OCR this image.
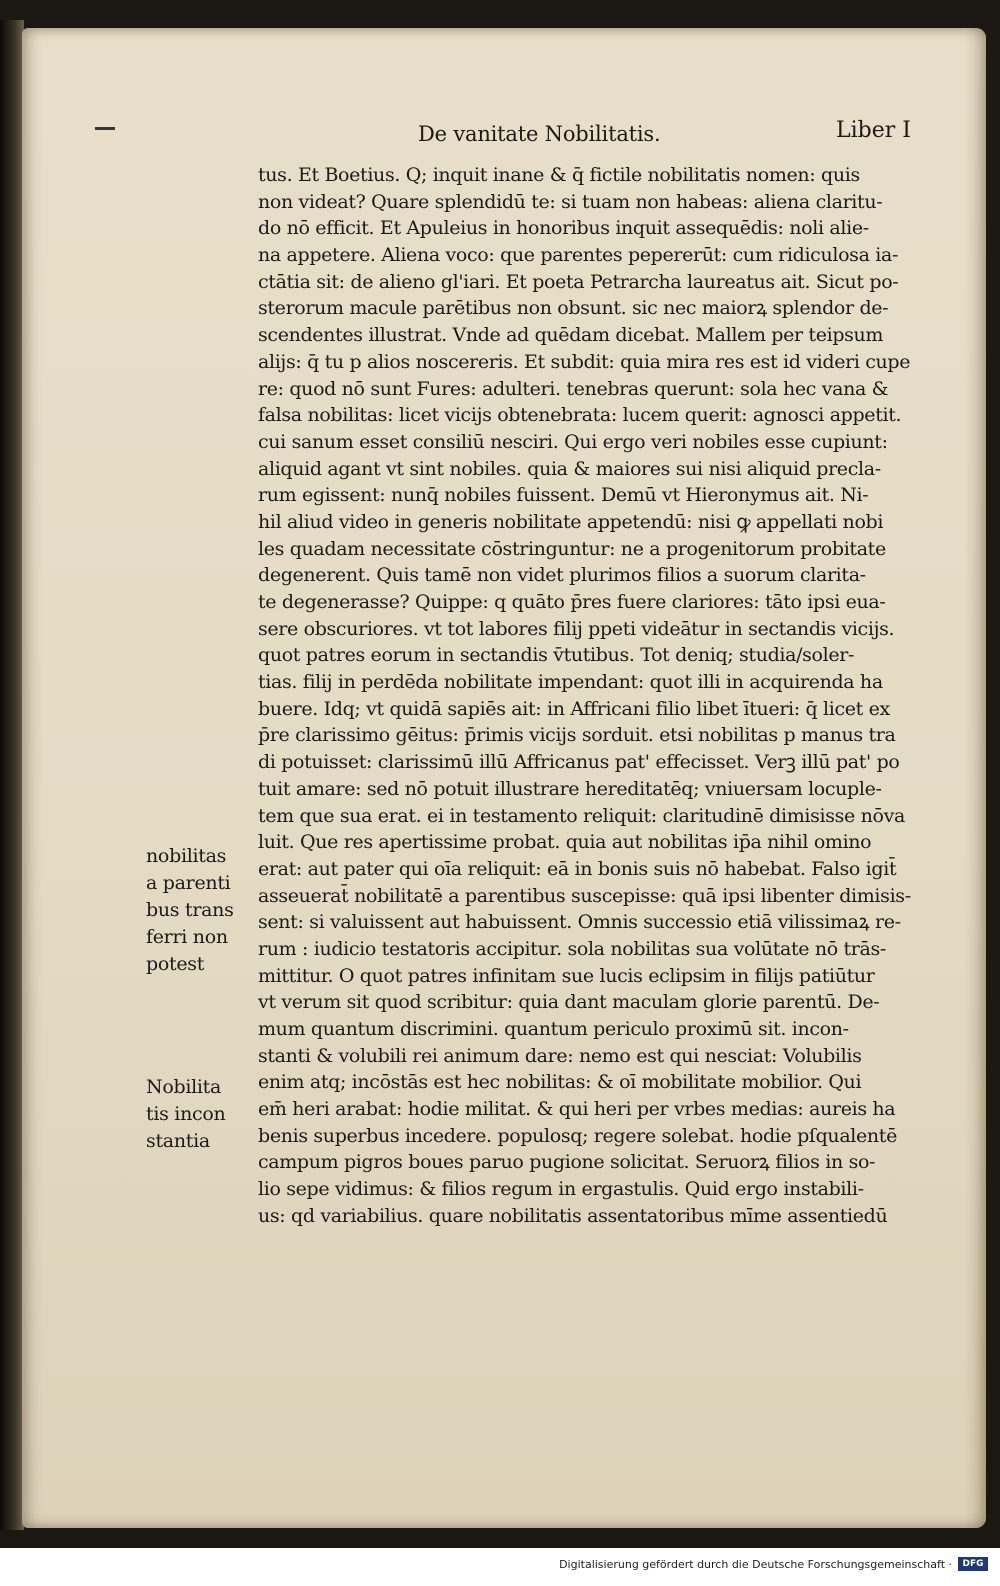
De vanitate Nobilitatis.	Liber I
tus. Et Boetius. Q; inquit inane & q̄ fictile nobilitatis nomen: quis
non videat? Quare splendidū te: si tuam non habeas: aliena claritu-
do nō efficit. Et Apuleius in honoribus inquit assequēdis: noli alie-
na appetere. Aliena voco: que parentes pepererūt: cum ridiculosa ia-
ctātia sit: de alieno gl'iari. Et poeta Petrarcha laureatus ait. Sicut po-
sterorum macule parētibus non obsunt. sic nec maiorꝝ splendor de-
scendentes illustrat. Vnde ad quēdam dicebat. Mallem per teipsum
alijs: q̄ tu p alios noscereris. Et subdit: quia mira res est id videri cupe
re: quod nō sunt Fures: adulteri. tenebras querunt: sola hec vana &
falsa nobilitas: licet vicijs obtenebrata: lucem querit: agnosci appetit.
cui sanum esset consiliū nesciri. Qui ergo veri nobiles esse cupiunt:
aliquid agant vt sint nobiles. quia & maiores sui nisi aliquid precla-
rum egissent: nunq̄ nobiles fuissent. Demū vt Hieronymus ait. Ni-
hil aliud video in generis nobilitate appetendū: nisi ꝙ appellati nobi
les quadam necessitate cōstringuntur: ne a progenitorum probitate
degenerent. Quis tamē non videt plurimos filios a suorum clarita-
te degenerasse? Quippe: q quāto p̄res fuere clariores: tāto ipsi eua-
sere obscuriores. vt tot labores filij ppeti videātur in sectandis vicijs.
quot patres eorum in sectandis v̄tutibus. Tot deniq; studia/soler-
tias. filij in perdēda nobilitate impendant: quot illi in acquirenda ha
buere. Idq; vt quidā sapiēs ait: in Affricani filio libet ītueri: q̄ licet ex
p̄re clarissimo gēitus: p̄rimis vicijs sorduit. etsi nobilitas p manus tra
di potuisset: clarissimū illū Affricanus pat' effecisset. Verꝫ illū pat' po
tuit amare: sed nō potuit illustrare hereditatēq; vniuersam locuple-
tem que sua erat. ei in testamento reliquit: claritudinē dimisisse nōva
luit. Que res apertissime probat. quia aut nobilitas ip̄a nihil omino
erat: aut pater qui oīa reliquit: eā in bonis suis nō habebat. Falso igit̄
asseuerat̄ nobilitatē a parentibus suscepisse: quā ipsi libenter dimisis-
sent: si valuissent aut habuissent. Omnis successio etiā vilissimaꝝ re-
rum : iudicio testatoris accipitur. sola nobilitas sua volūtate nō trās-
mittitur. O quot patres infinitam sue lucis eclipsim in filijs patiūtur
vt verum sit quod scribitur: quia dant maculam glorie parentū. De-
mum quantum discrimini. quantum periculo proximū sit. incon-
stanti & volubili rei animum dare: nemo est qui nesciat: Volubilis
enim atq; incōstās est hec nobilitas: & oī mobilitate mobilior. Qui
em̄ heri arabat: hodie militat. & qui heri per vrbes medias: aureis ha
benis superbus incedere. populosq; regere solebat. hodie pſqualentē
campum pigros boues paruo pugione solicitat. Seruorꝝ filios in so-
lio sepe vidimus: & filios regum in ergastulis. Quid ergo instabili-
us: qd variabilius. quare nobilitatis assentatoribus mīme assentiedū
nobilitas
a parenti
bus trans
ferri non
potest
Nobilita
tis incon
stantia
Digitalisierung gefördert durch die Deutsche Forschungsgemeinschaft ·	DFG
